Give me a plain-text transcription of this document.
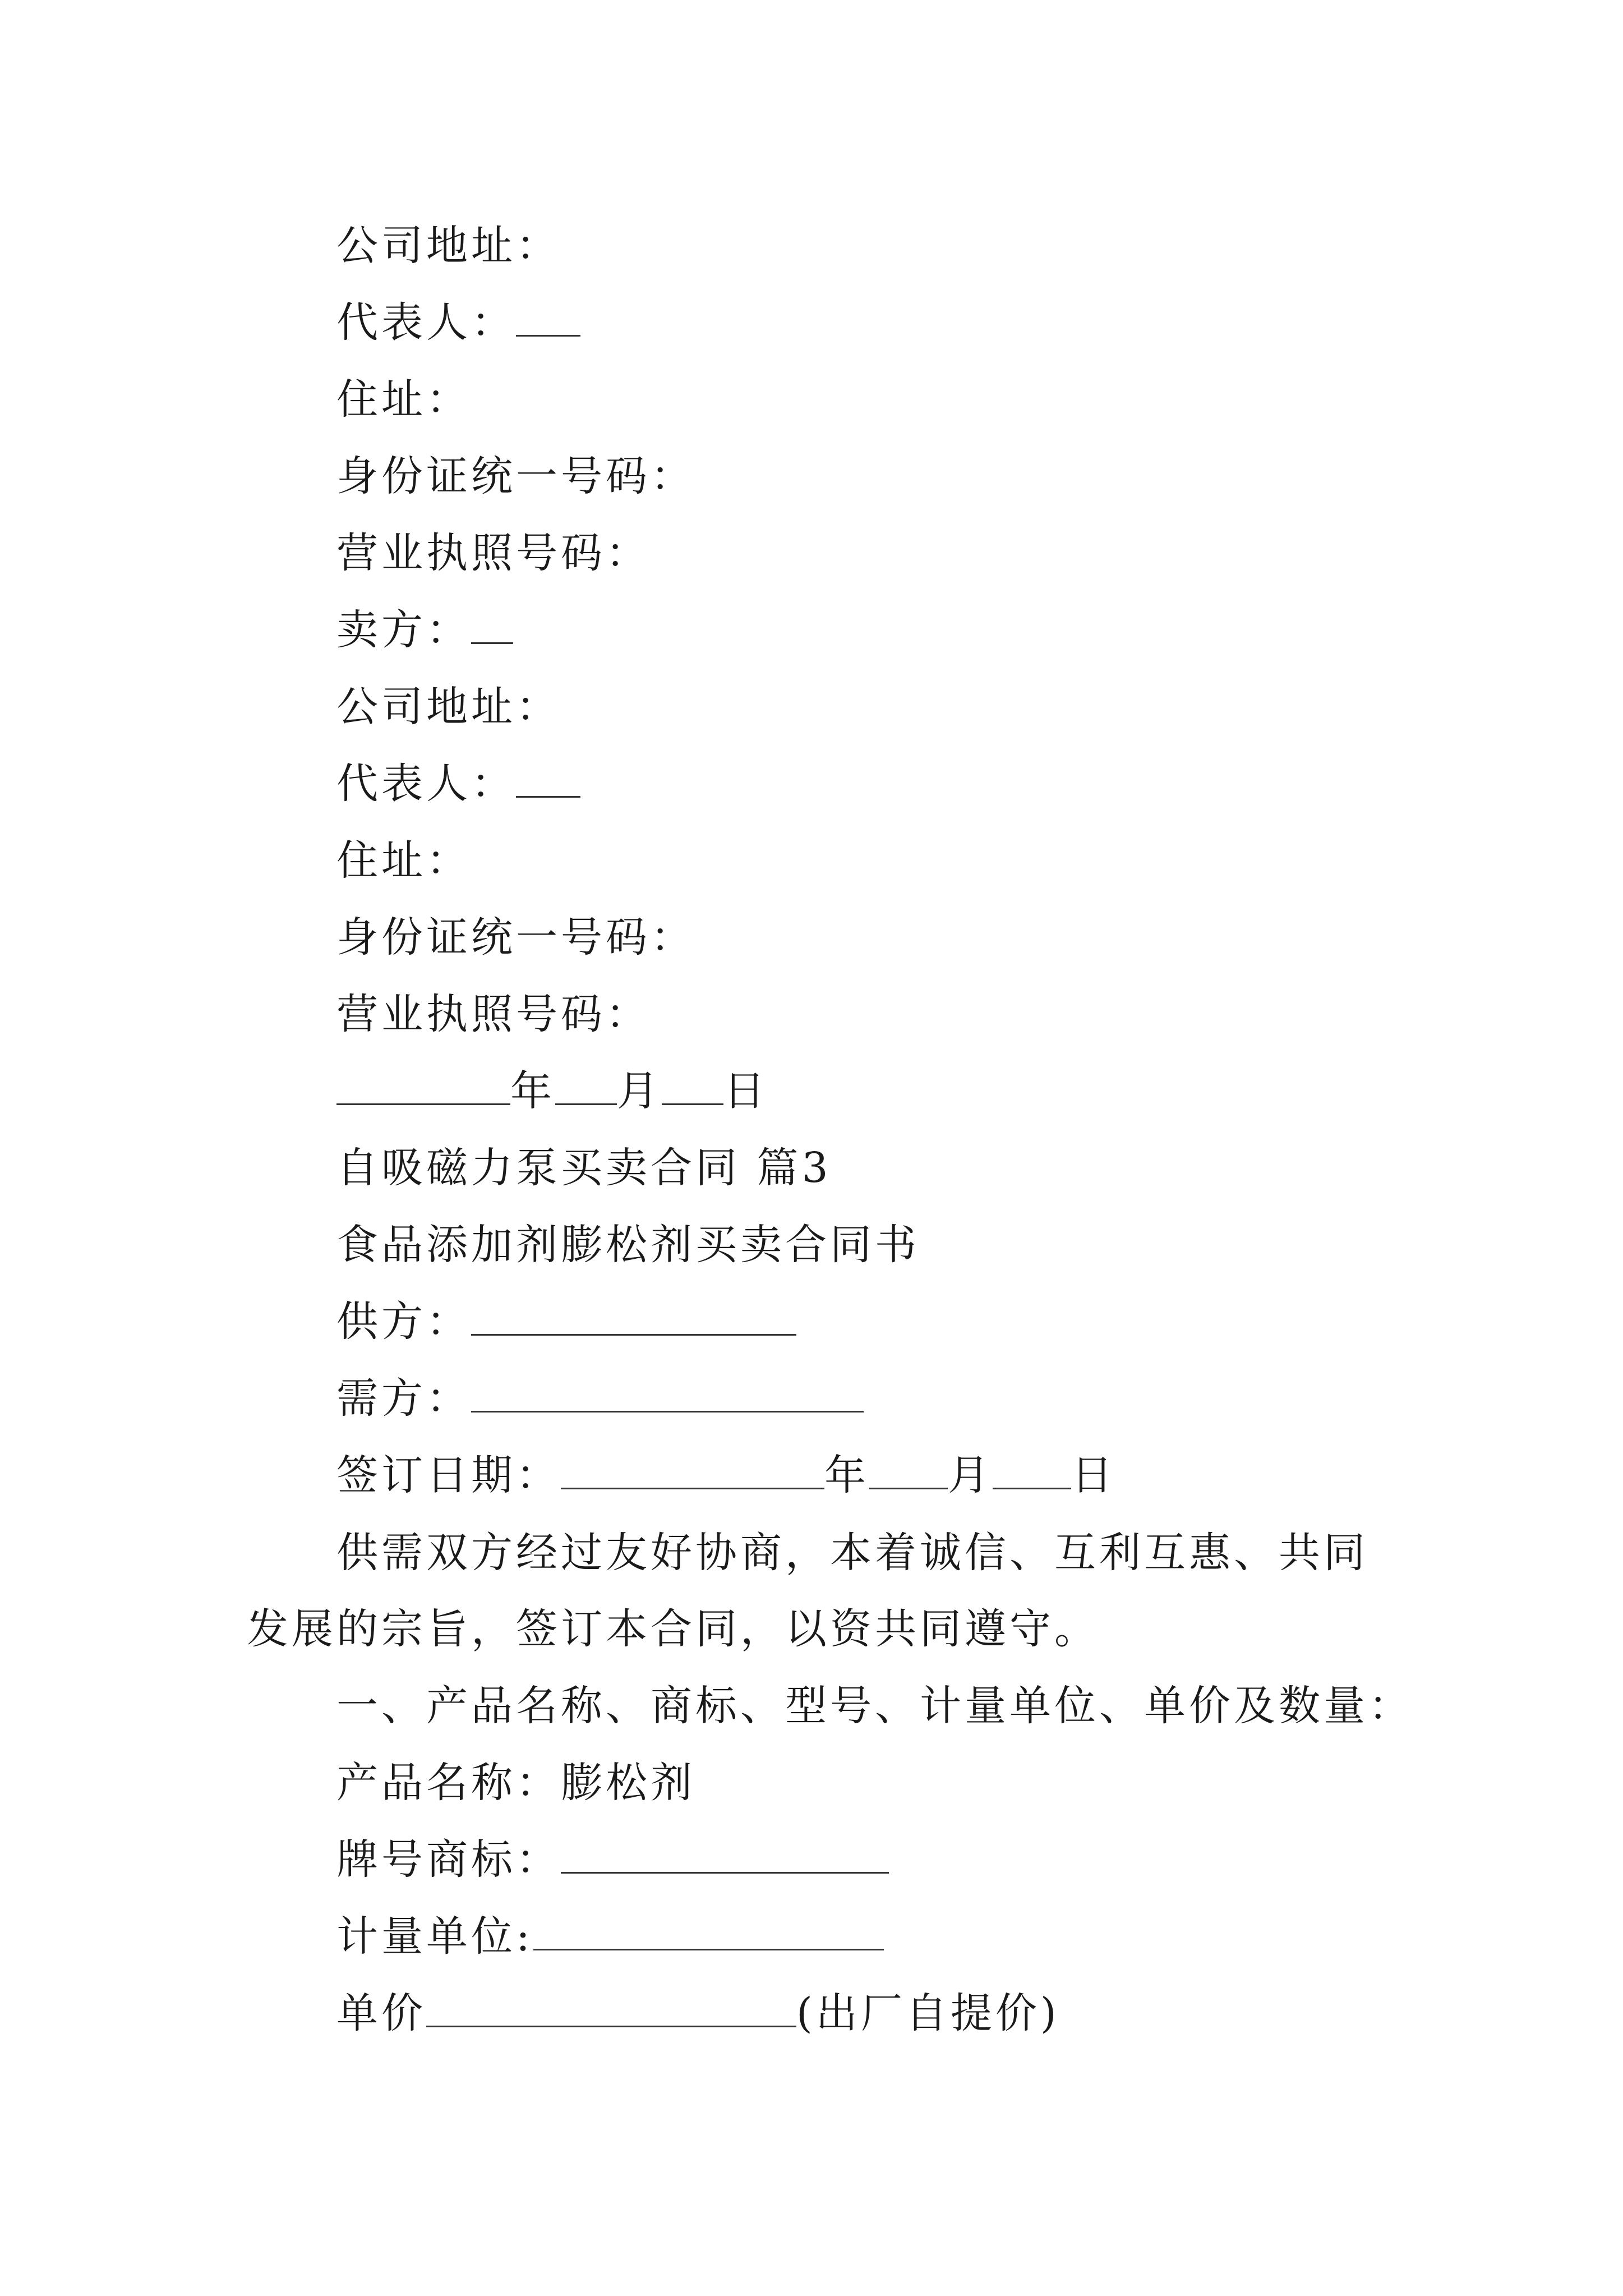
公司地址：
代表人：
住址：
身份证统一号码：
营业执照号码：
卖方：
公司地址：
代表人：
住址：
身份证统一号码：
营业执照号码：
年 月 日
自吸磁力泵买卖合同 篇3
食品添加剂膨松剂买卖合同书
供方：
需方：
签订日期：	年 月 日
供需双方经过友好协商，本着诚信、互利互惠、共同发展的宗旨，签订本合同，以资共同遵守。
一、产品名称、商标、型号、计量单位、单价及数量：
产品名称：膨松剂
牌号商标：
计量单位:
单价	(出厂自提价)
